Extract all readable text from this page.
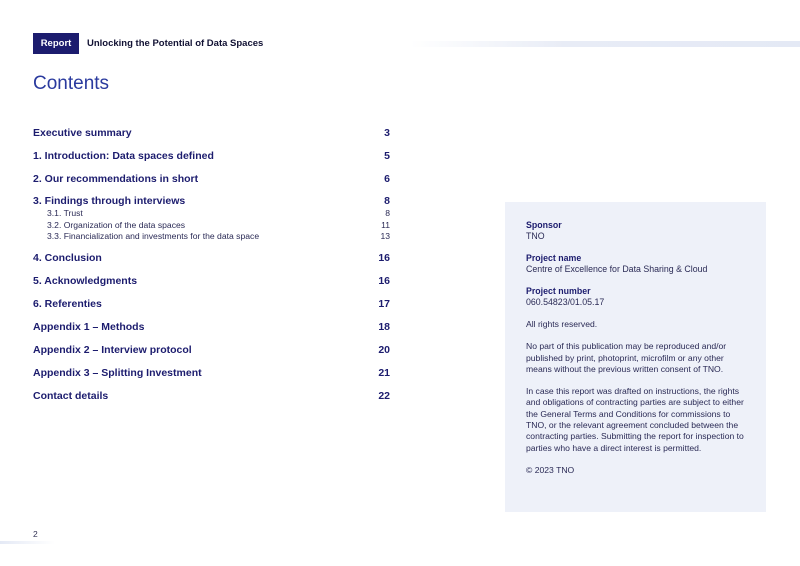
Report	Unlocking the Potential of Data Spaces
Contents
Executive summary	3
1. Introduction: Data spaces defined	5
2. Our recommendations in short	6
3. Findings through interviews	8
3.1. Trust	8
3.2. Organization of the data spaces	11
3.3. Financialization and investments for the data space	13
4. Conclusion	16
5. Acknowledgments	16
6. Referenties	17
Appendix 1 – Methods	18
Appendix 2 – Interview protocol	20
Appendix 3 – Splitting Investment	21
Contact details	22
Sponsor
TNO
Project name
Centre of Excellence for Data Sharing & Cloud
Project number
060.54823/01.05.17
All rights reserved.
No part of this publication may be reproduced and/or published by print, photoprint, microfilm or any other means without the previous written consent of TNO.
In case this report was drafted on instructions, the rights and obligations of contracting parties are subject to either the General Terms and Conditions for commissions to TNO, or the relevant agreement concluded between the contracting parties. Submitting the report for inspection to parties who have a direct interest is permitted.
© 2023 TNO
2
